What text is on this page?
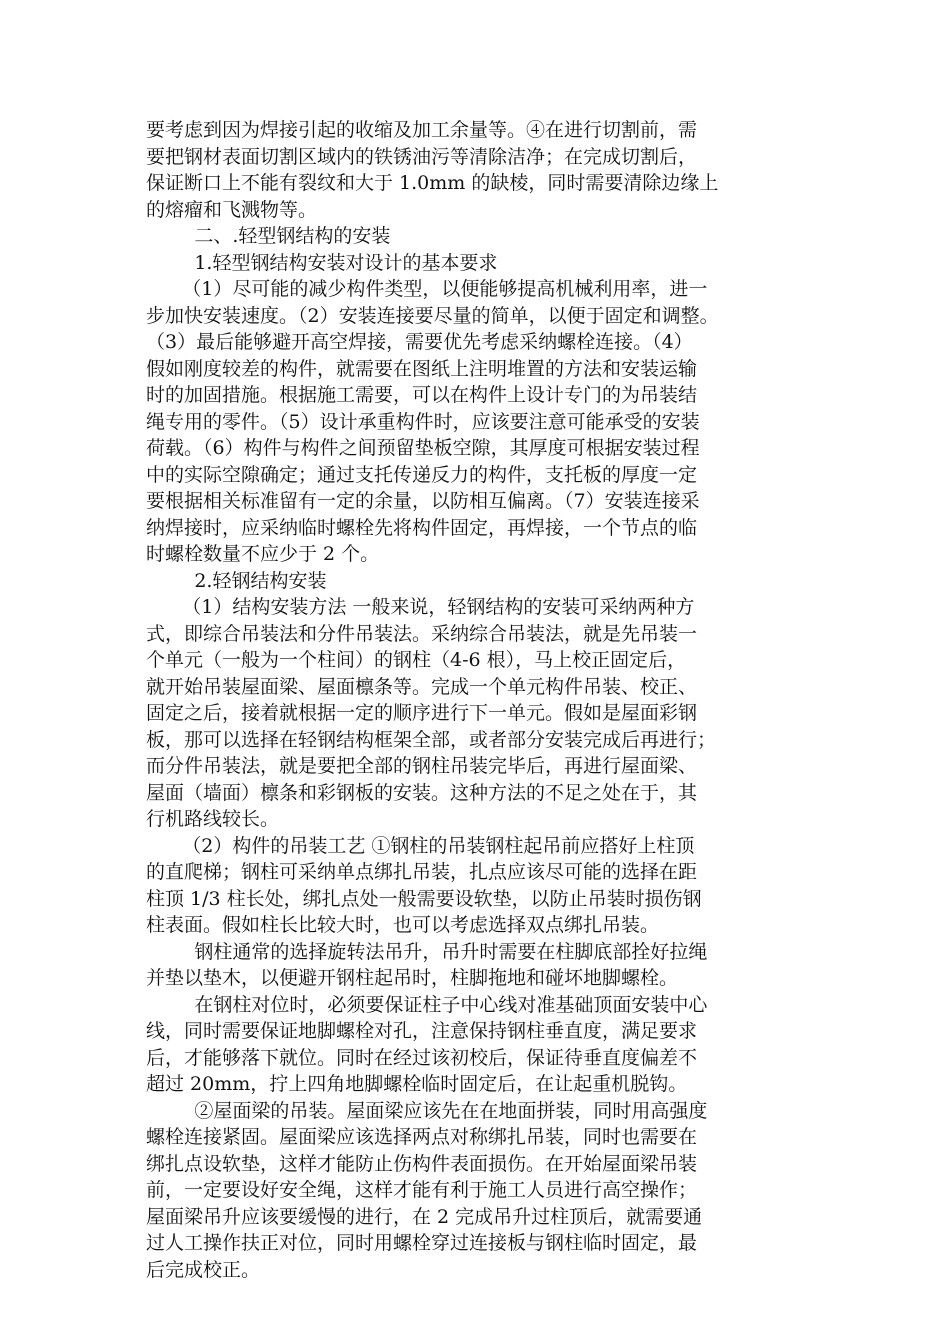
要考虑到因为焊接引起的收缩及加工余量等。④在进行切割前，需
要把钢材表面切割区域内的铁锈油污等清除洁净；在完成切割后，
保证断口上不能有裂纹和大于 1.0mm 的缺棱，同时需要清除边缘上
的熔瘤和飞溅物等。
二、.轻型钢结构的安装
1.轻型钢结构安装对设计的基本要求
（1）尽可能的减少构件类型，以便能够提高机械利用率，进一
步加快安装速度。（2）安装连接要尽量的简单，以便于固定和调整。
（3）最后能够避开高空焊接，需要优先考虑采纳螺栓连接。（4）
假如刚度较差的构件，就需要在图纸上注明堆置的方法和安装运输
时的加固措施。根据施工需要，可以在构件上设计专门的为吊装结
绳专用的零件。（5）设计承重构件时，应该要注意可能承受的安装
荷载。（6）构件与构件之间预留垫板空隙，其厚度可根据安装过程
中的实际空隙确定；通过支托传递反力的构件，支托板的厚度一定
要根据相关标准留有一定的余量，以防相互偏离。（7）安装连接采
纳焊接时，应采纳临时螺栓先将构件固定，再焊接，一个节点的临
时螺栓数量不应少于 2 个。
2.轻钢结构安装
（1）结构安装方法 一般来说，轻钢结构的安装可采纳两种方
式，即综合吊装法和分件吊装法。采纳综合吊装法，就是先吊装一
个单元（一般为一个柱间）的钢柱（4-6 根），马上校正固定后，
就开始吊装屋面梁、屋面檩条等。完成一个单元构件吊装、校正、
固定之后，接着就根据一定的顺序进行下一单元。假如是屋面彩钢
板，那可以选择在轻钢结构框架全部，或者部分安装完成后再进行；
而分件吊装法，就是要把全部的钢柱吊装完毕后，再进行屋面梁、
屋面（墙面）檩条和彩钢板的安装。这种方法的不足之处在于，其
行机路线较长。
（2）构件的吊装工艺 ①钢柱的吊装钢柱起吊前应搭好上柱顶
的直爬梯；钢柱可采纳单点绑扎吊装，扎点应该尽可能的选择在距
柱顶 1/3 柱长处，绑扎点处一般需要设软垫，以防止吊装时损伤钢
柱表面。假如柱长比较大时，也可以考虑选择双点绑扎吊装。
钢柱通常的选择旋转法吊升，吊升时需要在柱脚底部拴好拉绳
并垫以垫木，以便避开钢柱起吊时，柱脚拖地和碰坏地脚螺栓。
在钢柱对位时，必须要保证柱子中心线对准基础顶面安装中心
线，同时需要保证地脚螺栓对孔，注意保持钢柱垂直度，满足要求
后，才能够落下就位。同时在经过该初校后，保证待垂直度偏差不
超过 20mm，拧上四角地脚螺栓临时固定后，在让起重机脱钩。
②屋面梁的吊装。屋面梁应该先在在地面拼装，同时用高强度
螺栓连接紧固。屋面梁应该选择两点对称绑扎吊装，同时也需要在
绑扎点设软垫，这样才能防止伤构件表面损伤。在开始屋面梁吊装
前，一定要设好安全绳，这样才能有利于施工人员进行高空操作；
屋面梁吊升应该要缓慢的进行，在 2 完成吊升过柱顶后，就需要通
过人工操作扶正对位，同时用螺栓穿过连接板与钢柱临时固定，最
后完成校正。
